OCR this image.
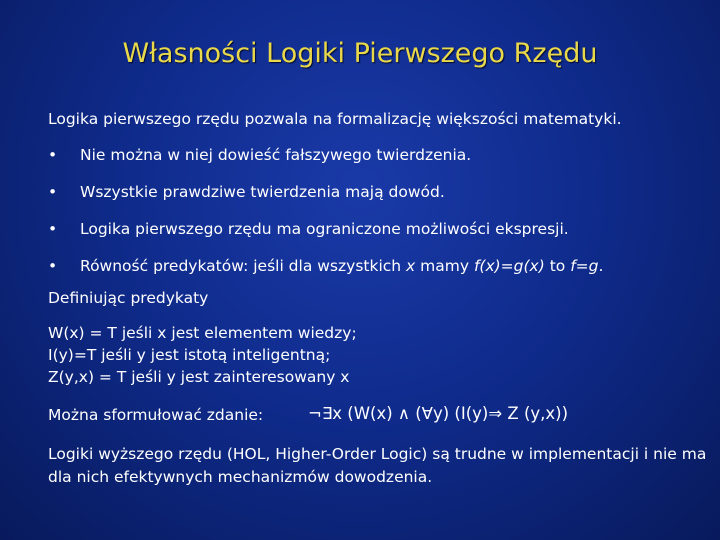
Własności Logiki Pierwszego Rzędu
Logika pierwszego rzędu pozwala na formalizację większości matematyki.
• Nie można w niej dowieść fałszywego twierdzenia.
• Wszystkie prawdziwe twierdzenia mają dowód.
• Logika pierwszego rzędu ma ograniczone możliwości ekspresji.
• Równość predykatów: jeśli dla wszystkich x mamy f(x)=g(x) to f=g.
Definiując predykaty
W(x) = T jeśli x jest elementem wiedzy;
I(y)=T jeśli y jest istotą inteligentną;
Z(y,x) = T jeśli y jest zainteresowany x
Można sformułować zdanie:	¬∃x (W(x) ∧ (∀y) (I(y)⇒ Z (y,x))
Logiki wyższego rzędu (HOL, Higher-Order Logic) są trudne w implementacji i nie ma dla nich efektywnych mechanizmów dowodzenia.
